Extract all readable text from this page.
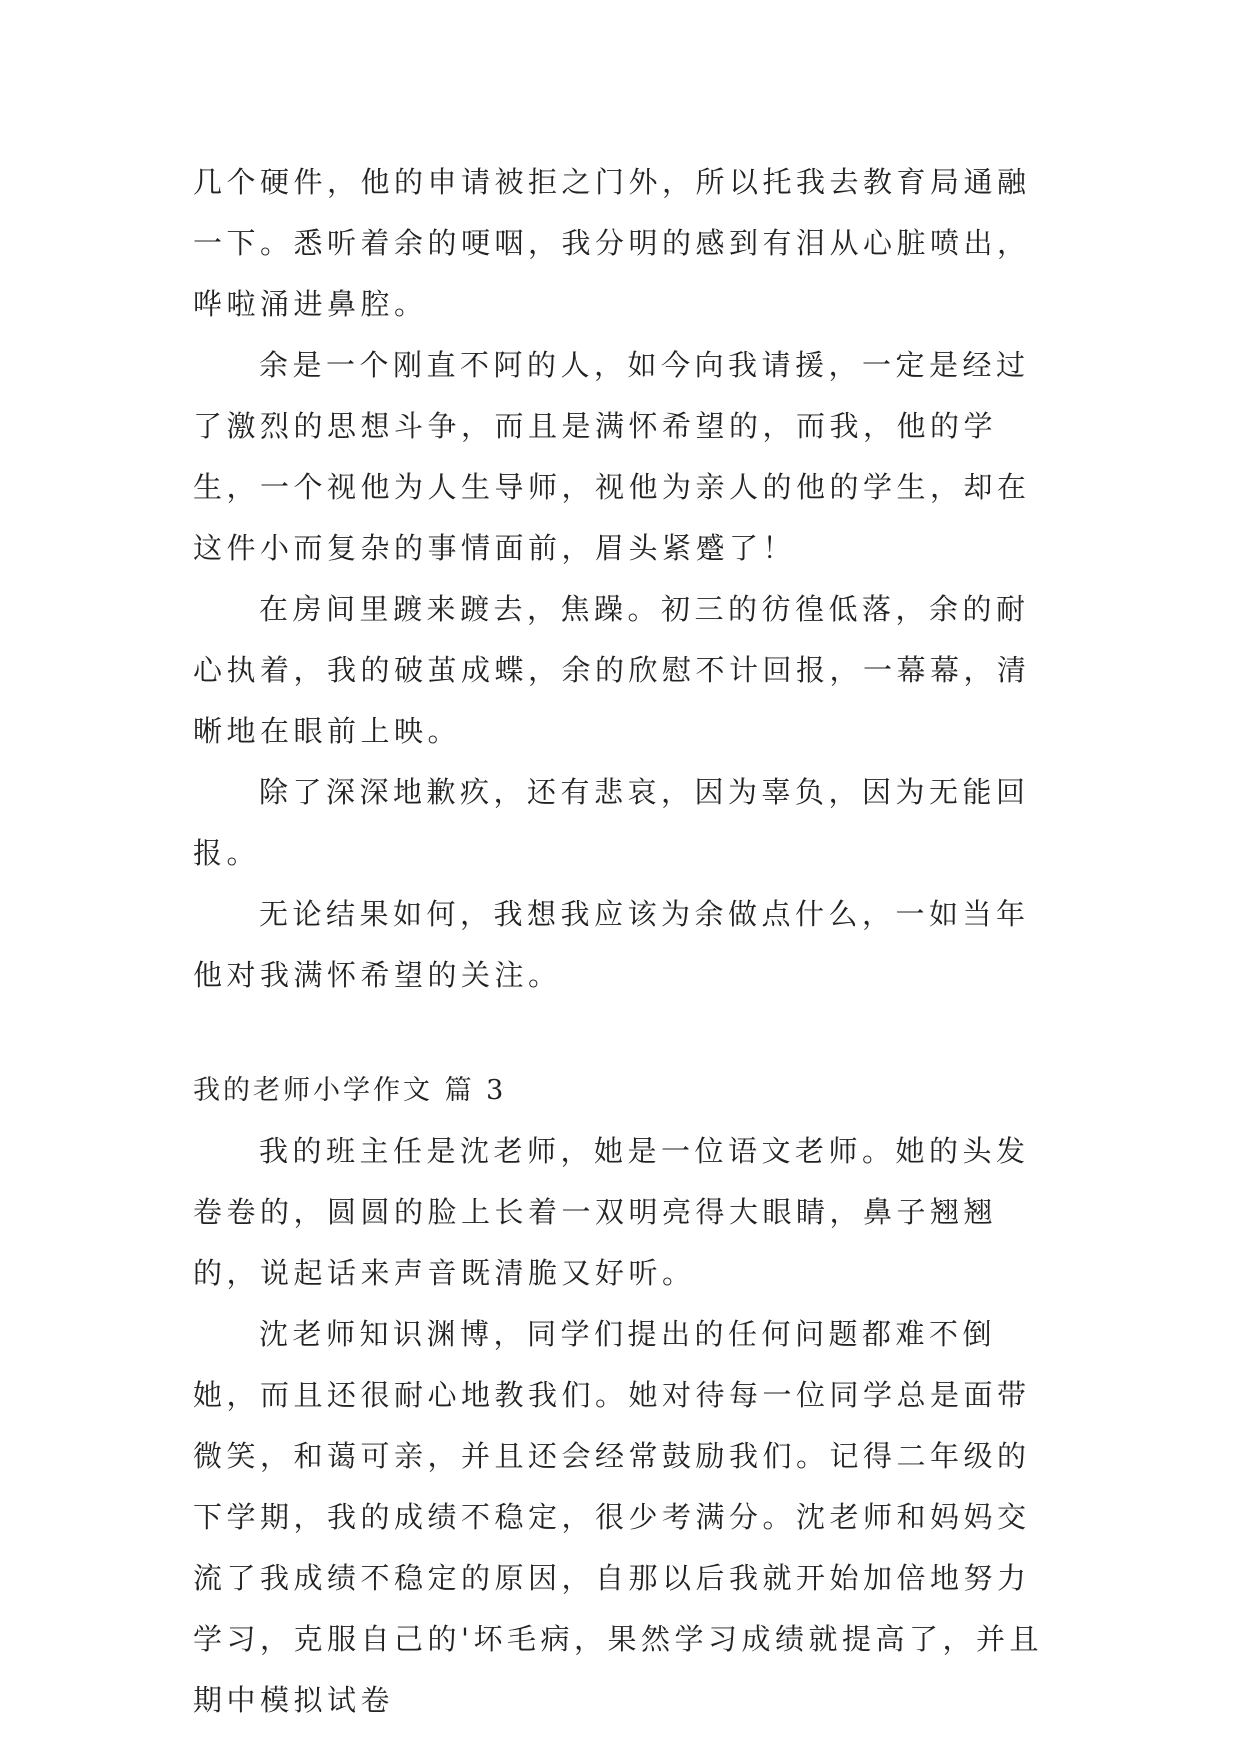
几个硬件，他的申请被拒之门外，所以托我去教育局通融一下。悉听着余的哽咽，我分明的感到有泪从心脏喷出，哗啦涌进鼻腔。

余是一个刚直不阿的人，如今向我请援，一定是经过了激烈的思想斗争，而且是满怀希望的，而我，他的学生，一个视他为人生导师，视他为亲人的他的学生，却在这件小而复杂的事情面前，眉头紧蹙了！

在房间里踱来踱去，焦躁。初三的彷徨低落，余的耐心执着，我的破茧成蝶，余的欣慰不计回报，一幕幕，清晰地在眼前上映。

除了深深地歉疚，还有悲哀，因为辜负，因为无能回报。

无论结果如何，我想我应该为余做点什么，一如当年他对我满怀希望的关注。

我的老师小学作文 篇 3

我的班主任是沈老师，她是一位语文老师。她的头发卷卷的，圆圆的脸上长着一双明亮得大眼睛，鼻子翘翘的，说起话来声音既清脆又好听。

沈老师知识渊博，同学们提出的任何问题都难不倒她，而且还很耐心地教我们。她对待每一位同学总是面带微笑，和蔼可亲，并且还会经常鼓励我们。记得二年级的下学期，我的成绩不稳定，很少考满分。沈老师和妈妈交流了我成绩不稳定的原因，自那以后我就开始加倍地努力学习，克服自己的'坏毛病，果然学习成绩就提高了，并且期中模拟试卷
